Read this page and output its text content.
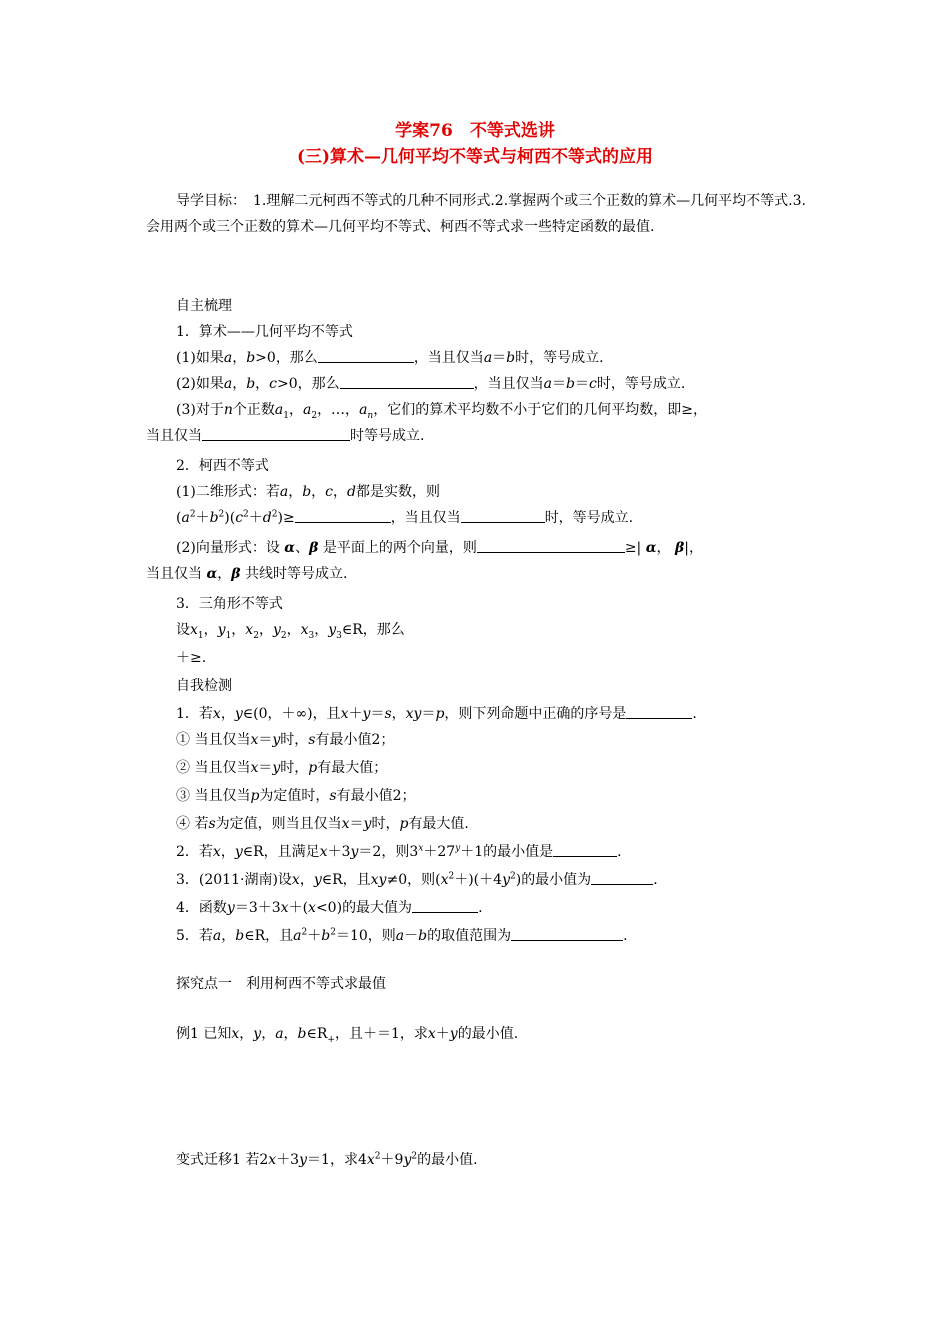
学案76　不等式选讲
(三)算术—几何平均不等式与柯西不等式的应用
导学目标：　1.理解二元柯西不等式的几种不同形式.2.掌握两个或三个正数的算术—几何平均不等式.3.会用两个或三个正数的算术—几何平均不等式、柯西不等式求一些特定函数的最值.
自主梳理
1．算术——几何平均不等式
(1)如果a，b>0，那么	，当且仅当a＝b时，等号成立.
(2)如果a，b，c>0，那么	，当且仅当a＝b＝c时，等号成立.
(3)对于n个正数$a_1$，$a_2$，…，$a_n$，它们的算术平均数不小于它们的几何平均数，即≥，
当且仅当	时等号成立.
2．柯西不等式
(1)二维形式：若a，b，c，d都是实数，则
$(a^2+b^2)(c^2+d^2)\ge$	，当且仅当	时，等号成立.
(2)向量形式：设 α、β 是平面上的两个向量，则	≥| α， β|，
当且仅当 α，β 共线时等号成立.
3．三角形不等式
设$x_1$，$y_1$，$x_2$，$y_2$，$x_3$，$y_3\in R$，那么
＋≥.
自我检测
1．若x，y∈(0，＋∞)，且x＋y＝s，xy＝p，则下列命题中正确的序号是	.
① 当且仅当x＝y时，s有最小值2；
② 当且仅当x＝y时，p有最大值；
③ 当且仅当p为定值时，s有最小值2；
④ 若s为定值，则当且仅当x＝y时，p有最大值.
2．若x，y∈R，且满足x＋3y＝2，则$3^x+27^y+1$的最小值是	.
3．(2011·湖南)设x，y∈R，且xy≠0，则$(x^2+)(+4y^2)$的最小值为	.
4．函数y＝3＋3x＋(x<0)的最大值为	.
5．若a，b∈R，且$a^2+b^2=10$，则a－b的取值范围为	.
探究点一　利用柯西不等式求最值
例1 已知x，y，a，$b\in R_+$，且＋＝1，求x＋y的最小值.
变式迁移1 若2x＋3y＝1，求$4x^2+9y^2$的最小值.
